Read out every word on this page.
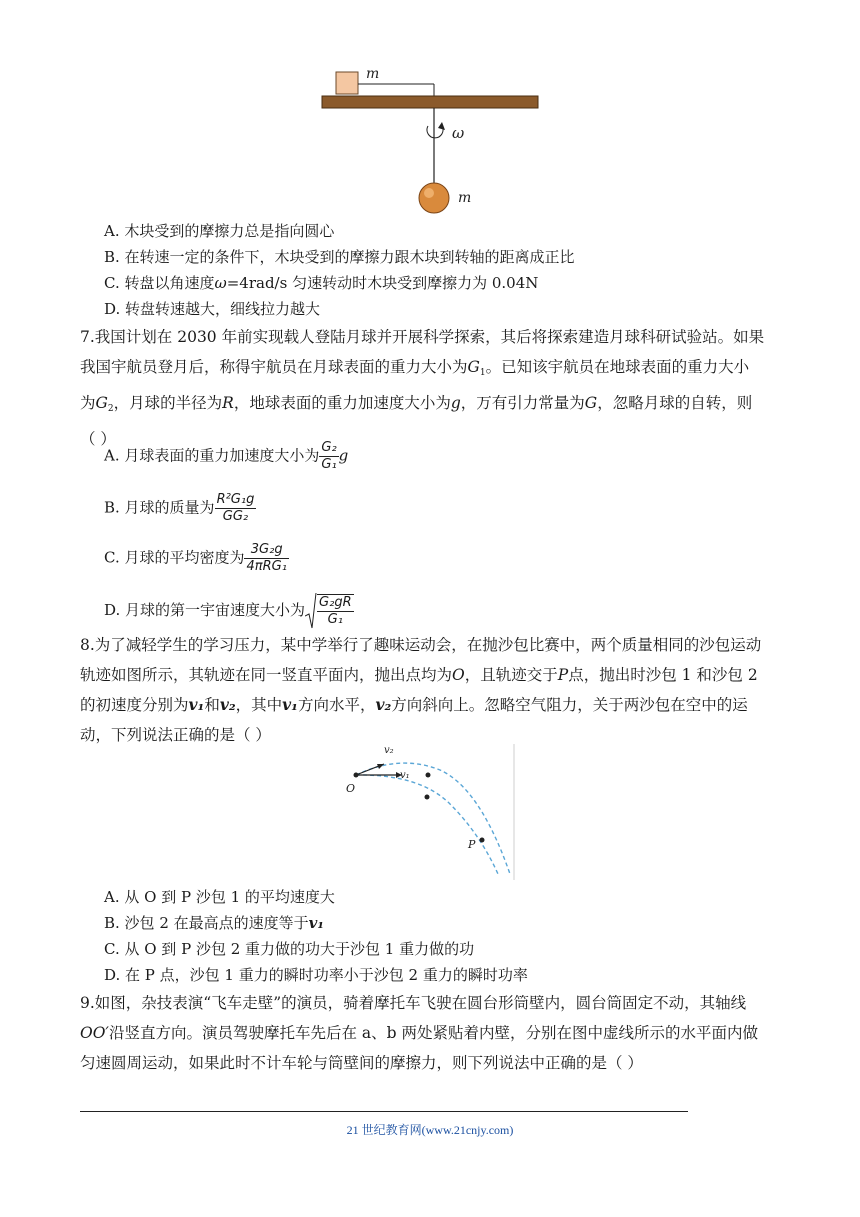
m
ω
m
A. 木块受到的摩擦力总是指向圆心
B. 在转速一定的条件下，木块受到的摩擦力跟木块到转轴的距离成正比
C. 转盘以角速度ω=4rad/s 匀速转动时木块受到摩擦力为 0.04N
D. 转盘转速越大，细线拉力越大
7.我国计划在 2030 年前实现载人登陆月球并开展科学探索，其后将探索建造月球科研试验站。如果
我国宇航员登月后，称得宇航员在月球表面的重力大小为$G_1$。已知该宇航员在地球表面的重力大小
为$G_2$，月球的半径为R，地球表面的重力加速度大小为g，万有引力常量为G，忽略月球的自转，则
（ ）
A. 月球表面的重力加速度大小为 $\frac{\text{G₂}}{\text{G₁}}$ g
B. 月球的质量为 $\frac{\text{R²G₁g}}{\text{GG₂}}$
C. 月球的平均密度为 $\frac{\text{3G₂g}}{\text{4πRG₁}}$
D. 月球的第一宇宙速度大小为 $\frac{\text{G₂gR}}{\text{G₁}}$
8.为了减轻学生的学习压力，某中学举行了趣味运动会，在抛沙包比赛中，两个质量相同的沙包运动
轨迹如图所示，其轨迹在同一竖直平面内，抛出点均为O，且轨迹交于P点，抛出时沙包 1 和沙包 2
的初速度分别为v₁和v₂，其中v₁方向水平，v₂方向斜向上。忽略空气阻力，关于两沙包在空中的运
动，下列说法正确的是（ ）
v₂
v₁
O
P
A. 从 O 到 P 沙包 1 的平均速度大
B. 沙包 2 在最高点的速度等于v₁
C. 从 O 到 P 沙包 2 重力做的功大于沙包 1 重力做的功
D. 在 P 点，沙包 1 重力的瞬时功率小于沙包 2 重力的瞬时功率
9.如图，杂技表演“飞车走壁”的演员，骑着摩托车飞驶在圆台形筒壁内，圆台筒固定不动，其轴线
OO′沿竖直方向。演员驾驶摩托车先后在 a、b 两处紧贴着内壁，分别在图中虚线所示的水平面内做
匀速圆周运动，如果此时不计车轮与筒壁间的摩擦力，则下列说法中正确的是（ ）
21 世纪教育网(www.21cnjy.com)
